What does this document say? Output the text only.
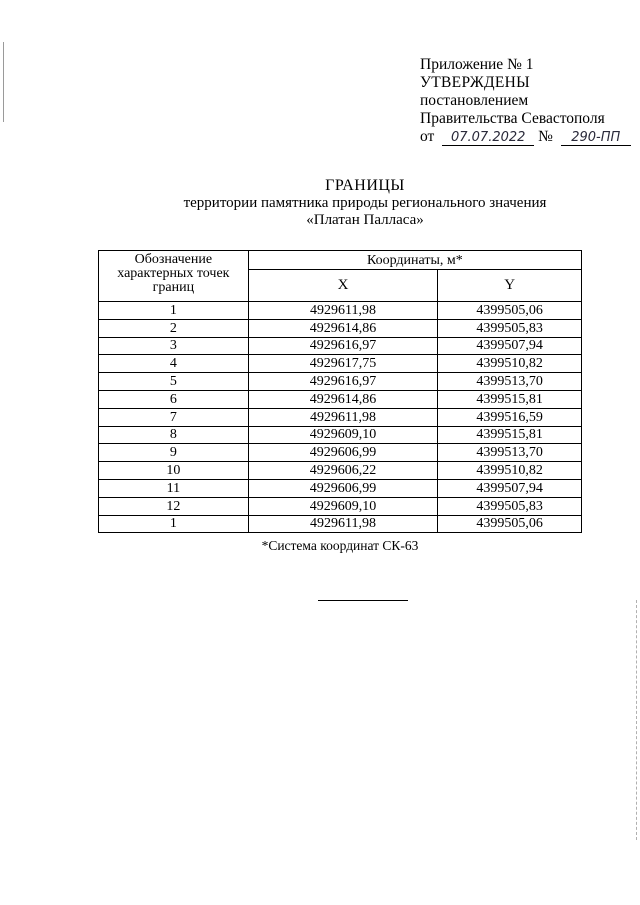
Приложение № 1
УТВЕРЖДЕНЫ
постановлением
Правительства Севастополя
от 07.07.2022 № 290-ПП
ГРАНИЦЫ
территории памятника природы регионального значения
«Платан Палласа»
Обозначение характерных точек границ	Координаты, м*	
	X	Y
1	4929611,98	4399505,06
2	4929614,86	4399505,83
3	4929616,97	4399507,94
4	4929617,75	4399510,82
5	4929616,97	4399513,70
6	4929614,86	4399515,81
7	4929611,98	4399516,59
8	4929609,10	4399515,81
9	4929606,99	4399513,70
10	4929606,22	4399510,82
11	4929606,99	4399507,94
12	4929609,10	4399505,83
1	4929611,98	4399505,06
*Система координат СК-63
